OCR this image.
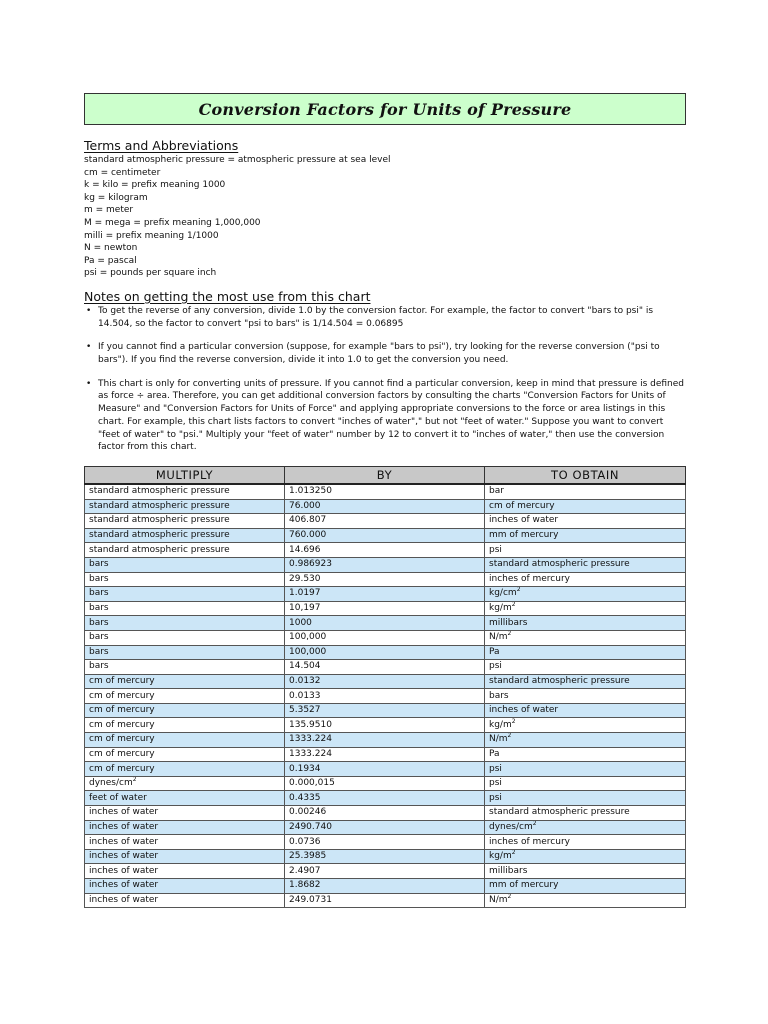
Conversion Factors for Units of Pressure
Terms and Abbreviations
standard atmospheric pressure = atmospheric pressure at sea level
cm = centimeter
k = kilo = prefix meaning 1000
kg = kilogram
m = meter
M = mega = prefix meaning 1,000,000
milli = prefix meaning 1/1000
N = newton
Pa = pascal
psi = pounds per square inch
Notes on getting the most use from this chart
• To get the reverse of any conversion, divide 1.0 by the conversion factor. For example, the factor to convert "bars to psi" is 14.504, so the factor to convert "psi to bars" is 1/14.504 = 0.06895
• If you cannot find a particular conversion (suppose, for example "bars to psi"), try looking for the reverse conversion ("psi to bars"). If you find the reverse conversion, divide it into 1.0 to get the conversion you need.
• This chart is only for converting units of pressure. If you cannot find a particular conversion, keep in mind that pressure is defined as force ÷ area. Therefore, you can get additional conversion factors by consulting the charts "Conversion Factors for Units of Measure" and "Conversion Factors for Units of Force" and applying appropriate conversions to the force or area listings in this chart. For example, this chart lists factors to convert "inches of water"," but not "feet of water." Suppose you want to convert "feet of water" to "psi." Multiply your "feet of water" number by 12 to convert it to "inches of water," then use the conversion factor from this chart.
MULTIPLY	BY	TO OBTAIN
standard atmospheric pressure	1.013250	bar
standard atmospheric pressure	76.000	cm of mercury
standard atmospheric pressure	406.807	inches of water
standard atmospheric pressure	760.000	mm of mercury
standard atmospheric pressure	14.696	psi
bars	0.986923	standard atmospheric pressure
bars	29.530	inches of mercury
bars	1.0197	$kg/cm^2$
bars	10,197	$kg/m^2$
bars	1000	millibars
bars	100,000	$N/m^2$
bars	100,000	Pa
bars	14.504	psi
cm of mercury	0.0132	standard atmospheric pressure
cm of mercury	0.0133	bars
cm of mercury	5.3527	inches of water
cm of mercury	135.9510	$kg/m^2$
cm of mercury	1333.224	$N/m^2$
cm of mercury	1333.224	Pa
cm of mercury	0.1934	psi
dynes/$cm^2$	0.000,015	psi
feet of water	0.4335	psi
inches of water	0.00246	standard atmospheric pressure
inches of water	2490.740	dynes/$cm^2$
inches of water	0.0736	inches of mercury
inches of water	25.3985	$kg/m^2$
inches of water	2.4907	millibars
inches of water	1.8682	mm of mercury
inches of water	249.0731	$N/m^2$
